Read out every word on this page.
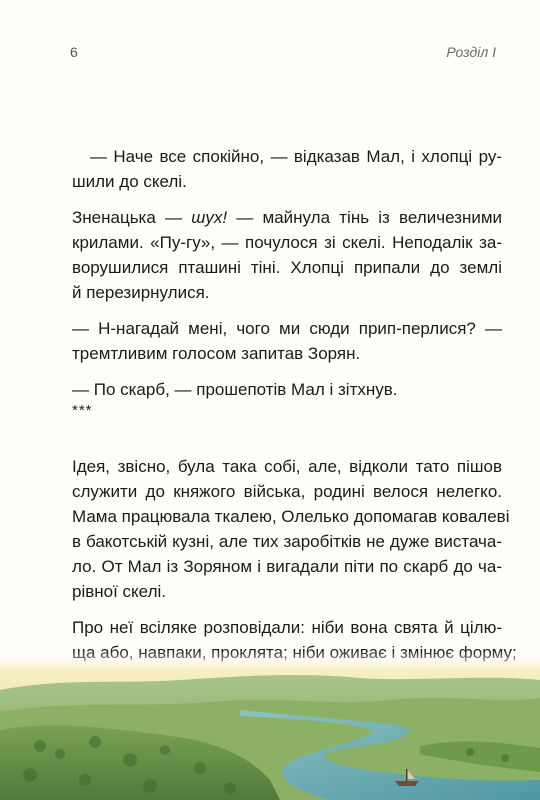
6	Розділ І

— Наче все спокійно, — відказав Мал, і хлопці ру-
шили до скелі.

Зненацька — шух! — майнула тінь із величезними
крилами. «Пу-гу», — почулося зі скелі. Неподалік за-
ворушилися пташині тіні. Хлопці припали до землі
й перезирнулися.

— Н-нагадай мені, чого ми сюди прип-перлися? —
тремтливим голосом запитав Зорян.

— По скарб, — прошепотів Мал і зітхнув.

***

Ідея, звісно, була така собі, але, відколи тато пішов
служити до княжого війська, родині велося нелегко.
Мама працювала ткалею, Олелько допомагав ковалеві
в бакотській кузні, але тих заробітків не дуже вистача-
ло. От Мал із Зоряном і вигадали піти по скарб до ча-
рівної скелі.

Про неї всіляке розповідали: ніби вона свята й цілю-
